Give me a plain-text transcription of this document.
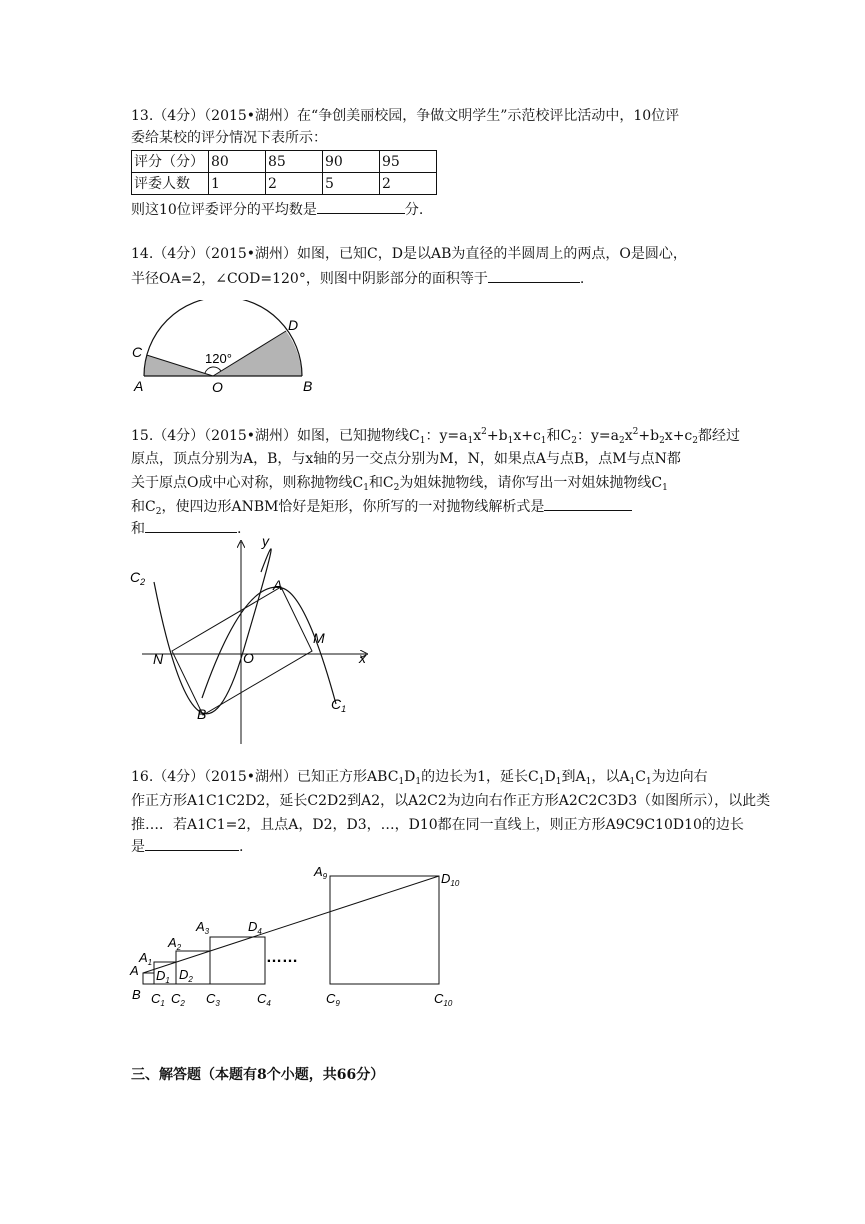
13.（4分）（2015•湖州）在“争创美丽校园，争做文明学生”示范校评比活动中，10位评
委给某校的评分情况下表所示：
评分（分）	80	85	90	95
评委人数	1	2	5	2
则这10位评委评分的平均数是	分.
14.（4分）（2015•湖州）如图，已知C，D是以AB为直径的半圆周上的两点，O是圆心，
半径OA=2，∠COD=120°，则图中阴影部分的面积等于	.
A	O	B
C
D
120°
15.（4分）（2015•湖州）如图，已知抛物线$C_1$：$y=a_1x^2+b_1x+c_1$和$C_2$：$y=a_2x^2+b_2x+c_2$都经过
原点，顶点分别为A，B，与x轴的另一交点分别为M，N，如果点A与点B，点M与点N都
关于原点O成中心对称，则称抛物线$C_1$和$C_2$为姐妹抛物线，请你写出一对姐妹抛物线$C_1$
和$C_2$，使四边形ANBM恰好是矩形，你所写的一对抛物线解析式是
和	.
y
x
$C_2$	A
M
N	O
B
$C_1$
16.（4分）（2015•湖州）已知正方形$ABC_1D_1$的边长为1，延长$C_1D_1$到$A_1$，以$A_1C_1$为边向右
作正方形A1C1C2D2，延长C2D2到A2，以A2C2为边向右作正方形A2C2C3D3（如图所示），以此类
推…．若A1C1=2，且点A，D2，D3，…，D10都在同一直线上，则正方形A9C9C10D10的边长
是	.
……
A
B
$A_1$
$D_1$
$C_1$
$A_2$
$D_2$
$C_2$
$A_3$	$D_4$
$C_3$	$C_4$
$A_9$	$D_{10}$
$C_9$	$C_{10}$
三、解答题（本题有8个小题，共66分）
